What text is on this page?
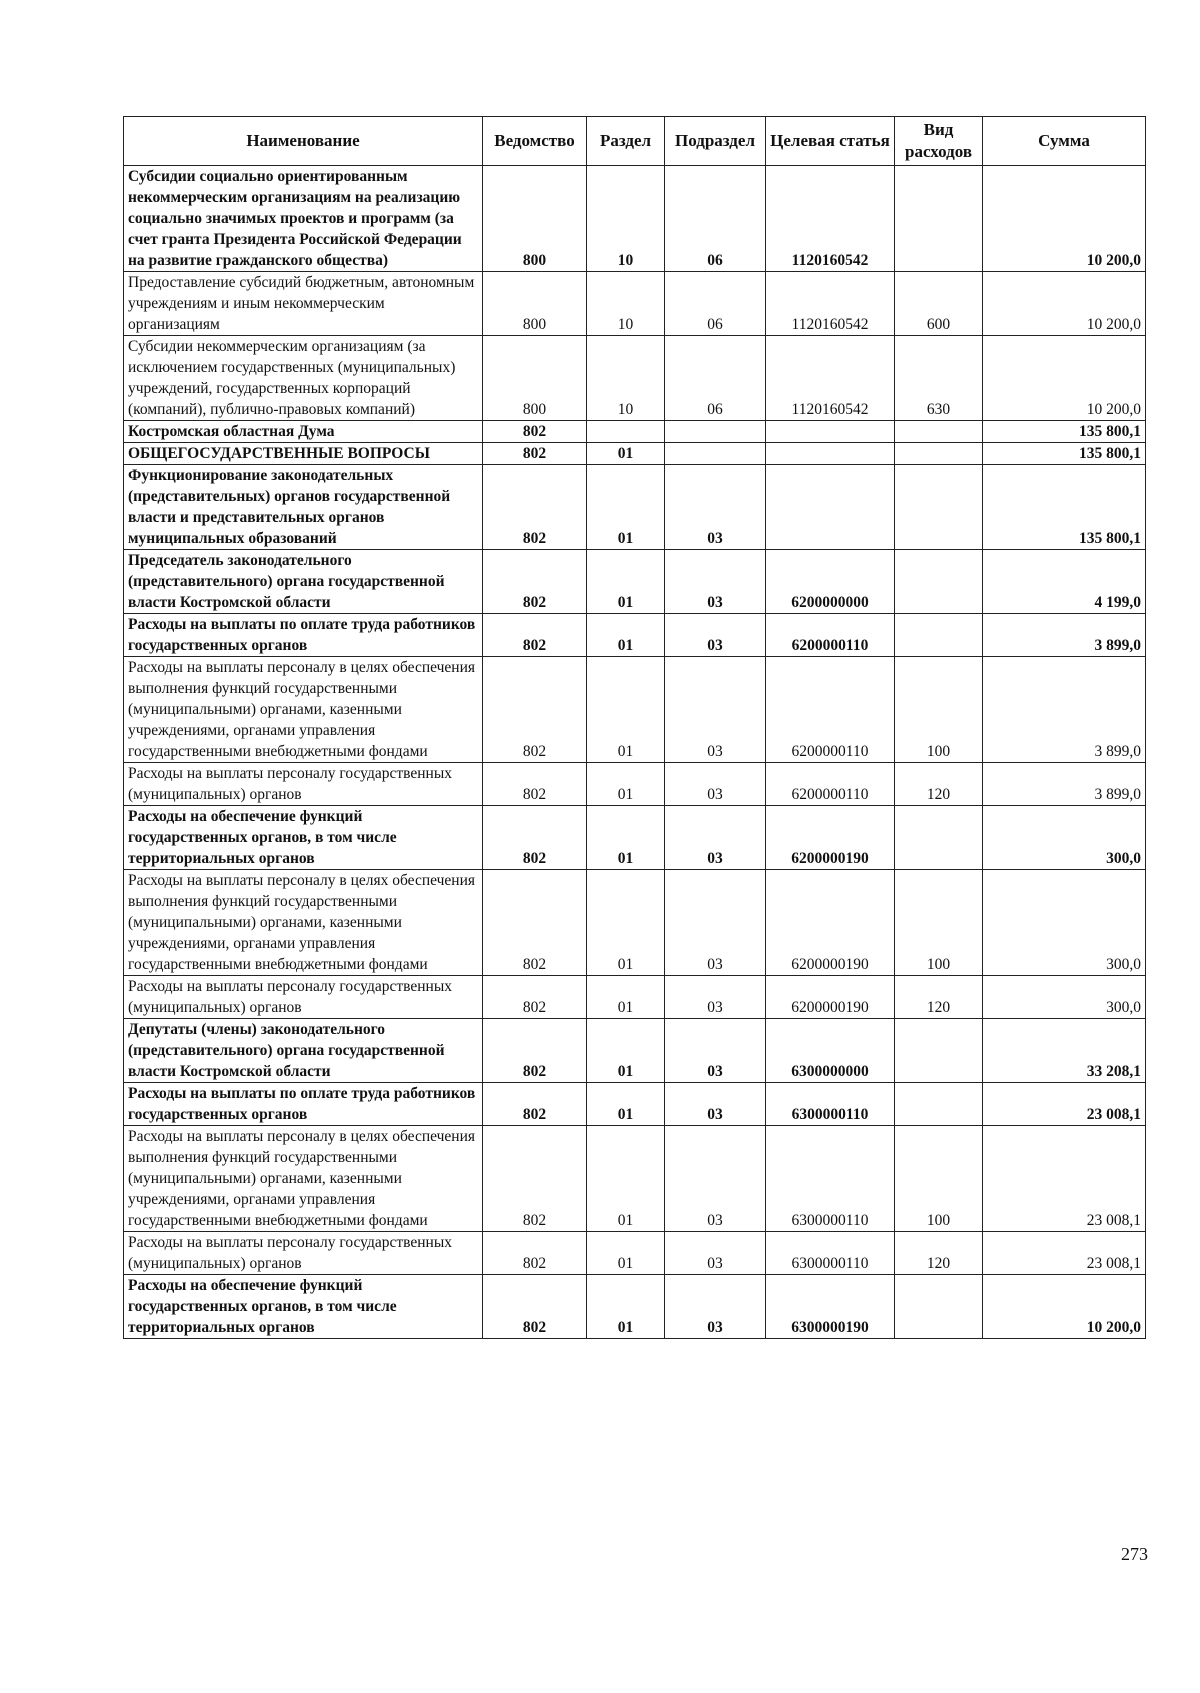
Наименование	Ведомство	Раздел	Подраздел	Целевая статья	Вид расходов	Сумма
Субсидии социально ориентированным некоммерческим организациям на реализацию социально значимых проектов и программ (за счет гранта Президента Российской Федерации на развитие гражданского общества)	800	10	06	1120160542		10 200,0
Предоставление субсидий бюджетным, автономным учреждениям и иным некоммерческим организациям	800	10	06	1120160542	600	10 200,0
Субсидии некоммерческим организациям (за исключением государственных (муниципальных) учреждений, государственных корпораций (компаний), публично-правовых компаний)	800	10	06	1120160542	630	10 200,0
Костромская областная Дума	802					135 800,1
ОБЩЕГОСУДАРСТВЕННЫЕ ВОПРОСЫ	802	01				135 800,1
Функционирование законодательных (представительных) органов государственной власти и представительных органов муниципальных образований	802	01	03			135 800,1
Председатель законодательного (представительного) органа государственной власти Костромской области	802	01	03	6200000000		4 199,0
Расходы на выплаты по оплате труда работников государственных органов	802	01	03	6200000110		3 899,0
Расходы на выплаты персоналу в целях обеспечения выполнения функций государственными (муниципальными) органами, казенными учреждениями, органами управления государственными внебюджетными фондами	802	01	03	6200000110	100	3 899,0
Расходы на выплаты персоналу государственных (муниципальных) органов	802	01	03	6200000110	120	3 899,0
Расходы на обеспечение функций государственных органов, в том числе территориальных органов	802	01	03	6200000190		300,0
Расходы на выплаты персоналу в целях обеспечения выполнения функций государственными (муниципальными) органами, казенными учреждениями, органами управления государственными внебюджетными фондами	802	01	03	6200000190	100	300,0
Расходы на выплаты персоналу государственных (муниципальных) органов	802	01	03	6200000190	120	300,0
Депутаты (члены) законодательного (представительного) органа государственной власти Костромской области	802	01	03	6300000000		33 208,1
Расходы на выплаты по оплате труда работников государственных органов	802	01	03	6300000110		23 008,1
Расходы на выплаты персоналу в целях обеспечения выполнения функций государственными (муниципальными) органами, казенными учреждениями, органами управления государственными внебюджетными фондами	802	01	03	6300000110	100	23 008,1
Расходы на выплаты персоналу государственных (муниципальных) органов	802	01	03	6300000110	120	23 008,1
Расходы на обеспечение функций государственных органов, в том числе территориальных органов	802	01	03	6300000190		10 200,0
273
